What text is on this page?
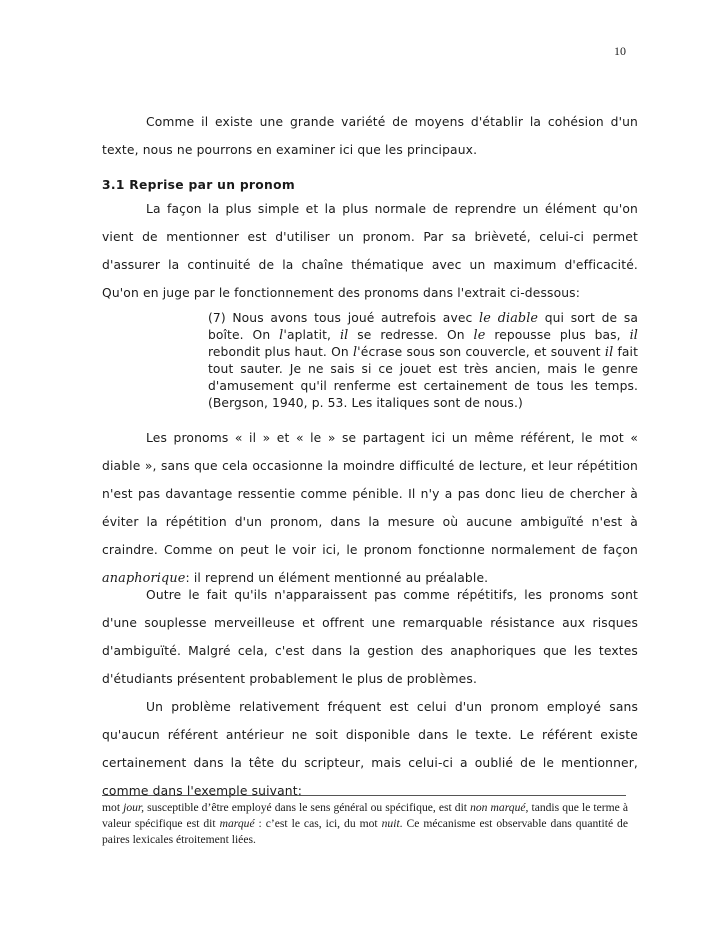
10

Comme il existe une grande variété de moyens d'établir la cohésion d'un texte, nous ne pourrons en examiner ici que les principaux.

3.1 Reprise par un pronom

La façon la plus simple et la plus normale de reprendre un élément qu'on vient de mentionner est d'utiliser un pronom. Par sa brièveté, celui-ci permet d'assurer la continuité de la chaîne thématique avec un maximum d'efficacité. Qu'on en juge par le fonctionnement des pronoms dans l'extrait ci-dessous:

(7) Nous avons tous joué autrefois avec le diable qui sort de sa boîte. On l'aplatit, il se redresse. On le repousse plus bas, il rebondit plus haut. On l'écrase sous son couvercle, et souvent il fait tout sauter. Je ne sais si ce jouet est très ancien, mais le genre d'amusement qu'il renferme est certainement de tous les temps. (Bergson, 1940, p. 53. Les italiques sont de nous.)

Les pronoms « il » et « le » se partagent ici un même référent, le mot « diable », sans que cela occasionne la moindre difficulté de lecture, et leur répétition n'est pas davantage ressentie comme pénible. Il n'y a pas donc lieu de chercher à éviter la répétition d'un pronom, dans la mesure où aucune ambiguïté n'est à craindre. Comme on peut le voir ici, le pronom fonctionne normalement de façon anaphorique: il reprend un élément mentionné au préalable.

Outre le fait qu'ils n'apparaissent pas comme répétitifs, les pronoms sont d'une souplesse merveilleuse et offrent une remarquable résistance aux risques d'ambiguïté. Malgré cela, c'est dans la gestion des anaphoriques que les textes d'étudiants présentent probablement le plus de problèmes.

Un problème relativement fréquent est celui d'un pronom employé sans qu'aucun référent antérieur ne soit disponible dans le texte. Le référent existe certainement dans la tête du scripteur, mais celui-ci a oublié de le mentionner, comme dans l'exemple suivant:

mot jour, susceptible d’être employé dans le sens général ou spécifique, est dit non marqué, tandis que le terme à valeur spécifique est dit marqué : c’est le cas, ici, du mot nuit. Ce mécanisme est observable dans quantité de paires lexicales étroitement liées.
